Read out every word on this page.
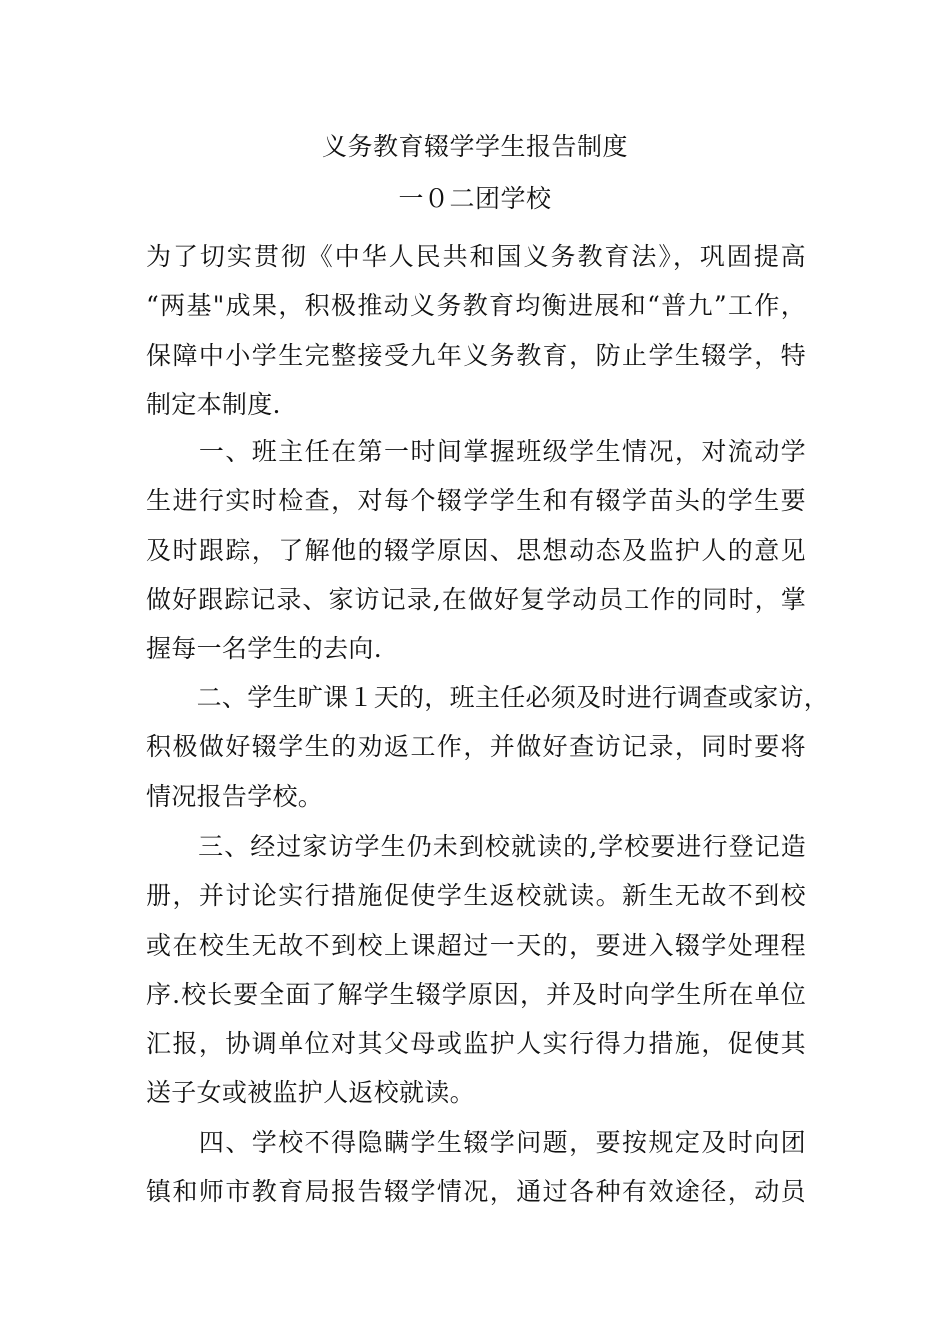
义务教育辍学学生报告制度
一０二团学校
为了切实贯彻《中华人民共和国义务教育法》，巩固提高
“两基"成果，积极推动义务教育均衡进展和“普九”工作，
保障中小学生完整接受九年义务教育，防止学生辍学，特
制定本制度.
　　一、班主任在第一时间掌握班级学生情况，对流动学
生进行实时检查，对每个辍学学生和有辍学苗头的学生要
及时跟踪，了解他的辍学原因、思想动态及监护人的意见
做好跟踪记录、家访记录,在做好复学动员工作的同时，掌
握每一名学生的去向.
　　二、学生旷课１天的，班主任必须及时进行调查或家访，
积极做好辍学生的劝返工作，并做好查访记录，同时要将
情况报告学校。
　　三、经过家访学生仍未到校就读的,学校要进行登记造
册，并讨论实行措施促使学生返校就读。新生无故不到校
或在校生无故不到校上课超过一天的，要进入辍学处理程
序.校长要全面了解学生辍学原因，并及时向学生所在单位
汇报，协调单位对其父母或监护人实行得力措施，促使其
送子女或被监护人返校就读。
　　四、学校不得隐瞒学生辍学问题，要按规定及时向团
镇和师市教育局报告辍学情况，通过各种有效途径，动员
